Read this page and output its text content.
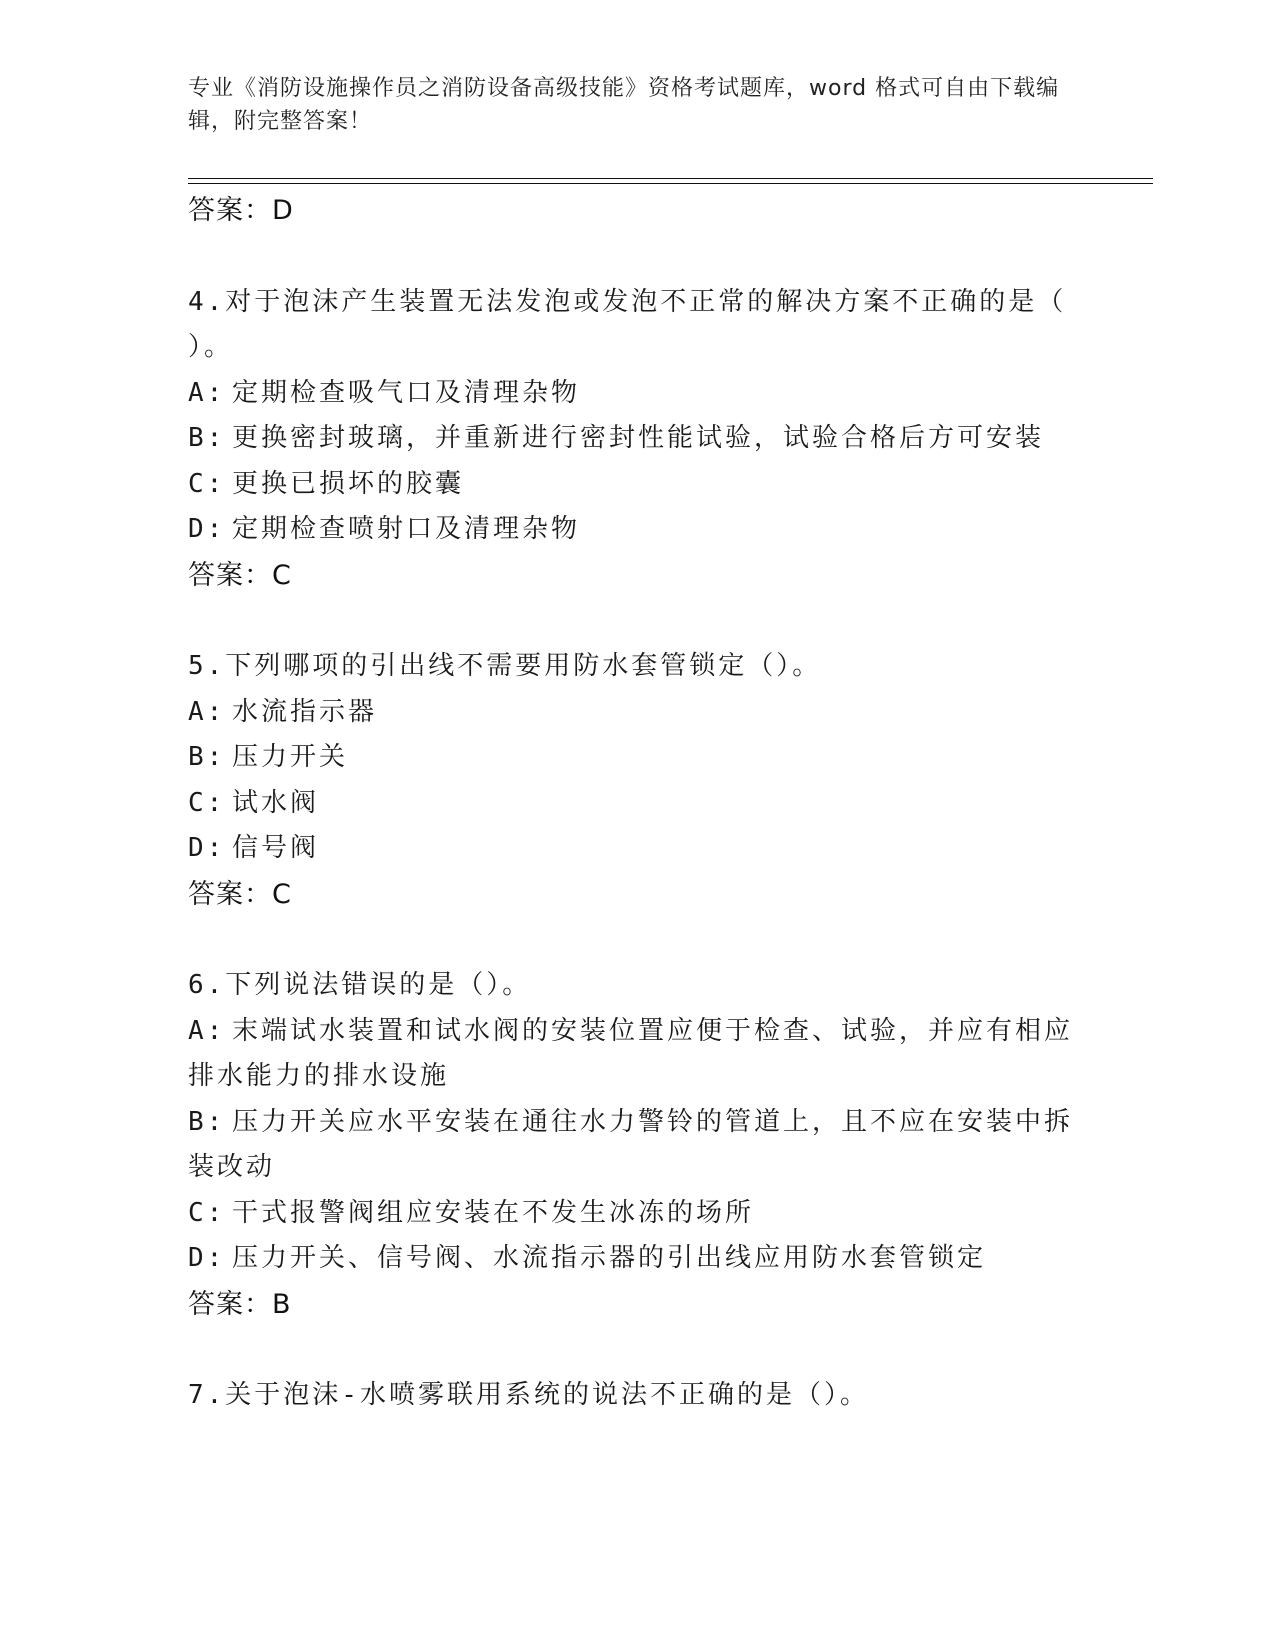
专业《消防设施操作员之消防设备高级技能》资格考试题库，word 格式可自由下载编辑，附完整答案！
答案：D
4.对于泡沫产生装置无法发泡或发泡不正常的解决方案不正确的是（
）。
A: 定期检查吸气口及清理杂物
B: 更换密封玻璃，并重新进行密封性能试验，试验合格后方可安装
C: 更换已损坏的胶囊
D: 定期检查喷射口及清理杂物
答案：C
5.下列哪项的引出线不需要用防水套管锁定（）。
A: 水流指示器
B: 压力开关
C: 试水阀
D: 信号阀
答案：C
6.下列说法错误的是（）。
A: 末端试水装置和试水阀的安装位置应便于检查、试验，并应有相应
排水能力的排水设施
B: 压力开关应水平安装在通往水力警铃的管道上，且不应在安装中拆
装改动
C: 干式报警阀组应安装在不发生冰冻的场所
D: 压力开关、信号阀、水流指示器的引出线应用防水套管锁定
答案：B
7.关于泡沫-水喷雾联用系统的说法不正确的是（）。
